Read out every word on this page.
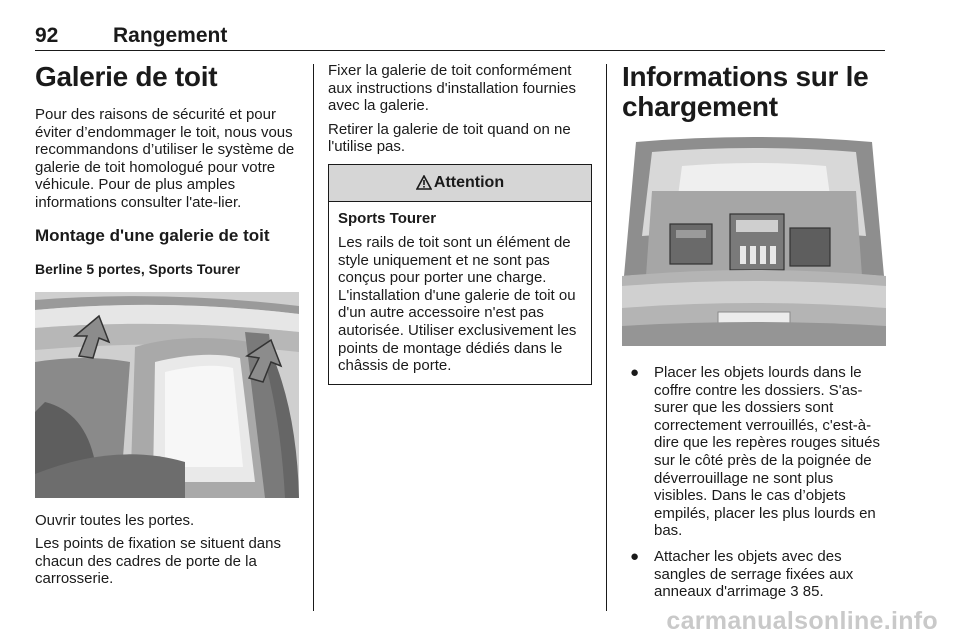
92	Rangement
Galerie de toit

Pour des raisons de sécurité et pour éviter d’endommager le toit, nous vous recommandons d’utiliser le système de galerie de toit homologué pour votre véhicule. Pour de plus amples informations consulter l'ate-lier.

Montage d'une galerie de toit
Berline 5 portes, Sports Tourer

Ouvrir toutes les portes.

Les points de fixation se situent dans chacun des cadres de porte de la carrosserie.

Fixer la galerie de toit conformément aux instructions d'installation fournies avec la galerie.

Retirer la galerie de toit quand on ne l'utilise pas.

Attention
Sports Tourer

Les rails de toit sont un élément de style uniquement et ne sont pas conçus pour porter une charge. L'installation d'une galerie de toit ou d'un autre accessoire n'est pas autorisée. Utiliser exclusivement les points de montage dédiés dans le châssis de porte.

Informations sur le chargement
● Placer les objets lourds dans le coffre contre les dossiers. S'as-surer que les dossiers sont correctement verrouillés, c'est-à-dire que les repères rouges situés sur le côté près de la poignée de déverrouillage ne sont plus visibles. Dans le cas d’objets empilés, placer les plus lourds en bas.
● Attacher les objets avec des sangles de serrage fixées aux anneaux d'arrimage 3 85.
carmanualsonline.info
